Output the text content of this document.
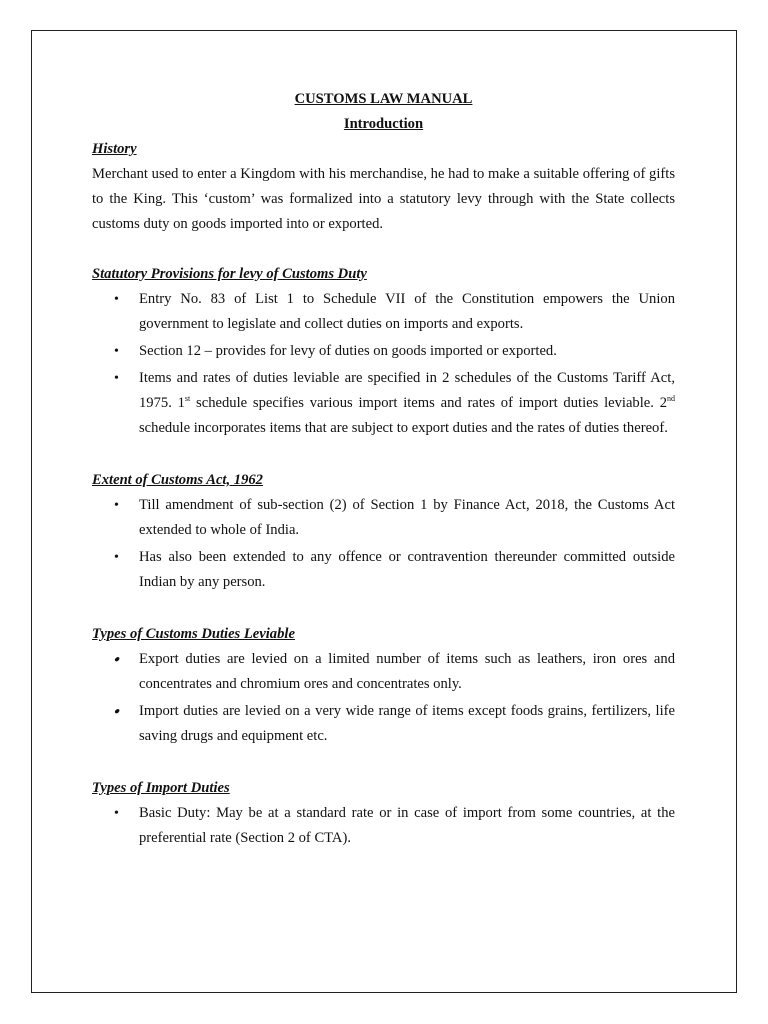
CUSTOMS LAW MANUAL
Introduction
History

Merchant used to enter a Kingdom with his merchandise, he had to make a suitable offering of gifts to the King. This ‘custom’ was formalized into a statutory levy through with the State collects customs duty on goods imported into or exported.

Statutory Provisions for levy of Customs Duty
• Entry No. 83 of List 1 to Schedule VII of the Constitution empowers the Union government to legislate and collect duties on imports and exports.
• Section 12 – provides for levy of duties on goods imported or exported.
• Items and rates of duties leviable are specified in 2 schedules of the Customs Tariff Act, 1975. 1st schedule specifies various import items and rates of import duties leviable. 2nd schedule incorporates items that are subject to export duties and the rates of duties thereof.
Extent of Customs Act, 1962
• Till amendment of sub-section (2) of Section 1 by Finance Act, 2018, the Customs Act extended to whole of India.
• Has also been extended to any offence or contravention thereunder committed outside Indian by any person.
Types of Customs Duties Leviable
● Export duties are levied on a limited number of items such as leathers, iron ores and concentrates and chromium ores and concentrates only.
● Import duties are levied on a very wide range of items except foods grains, fertilizers, life saving drugs and equipment etc.
Types of Import Duties
• Basic Duty: May be at a standard rate or in case of import from some countries, at the preferential rate (Section 2 of CTA).
